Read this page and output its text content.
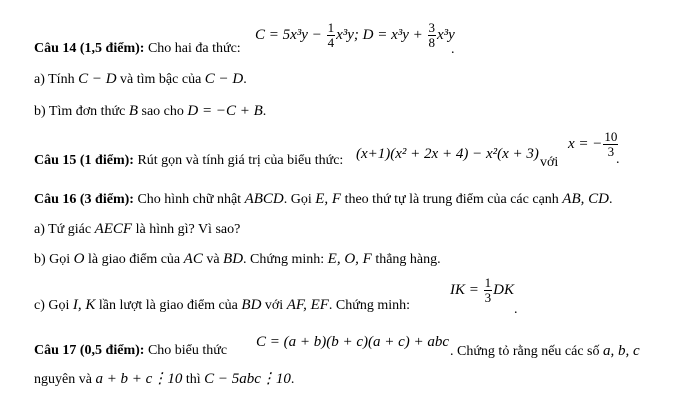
Câu 14 (1,5 điểm): Cho hai đa thức:
$C = 5x^3y - \frac{1}{4} x^3y$; $D = x^3y + \frac{3}{8} x^3y$
.
a) Tính C − D và tìm bậc của C − D.
b) Tìm đơn thức B sao cho D = −C + B.
Câu 15 (1 điểm): Rút gọn và tính giá trị của biểu thức: (x+1)(x² + 2x + 4) − x²(x + 3)
với
x = − $\frac{10}{3}$
.
Câu 16 (3 điểm): Cho hình chữ nhật ABCD. Gọi E, F theo thứ tự là trung điểm của các cạnh AB, CD.
a) Tứ giác AECF là hình gì? Vì sao?
b) Gọi O là giao điểm của AC và BD. Chứng minh: E, O, F thẳng hàng.
c) Gọi I, K lần lượt là giao điểm của BD với AF, EF. Chứng minh:
IK = $\frac{1}{3}$ DK
.
Câu 17 (0,5 điểm): Cho biểu thức
C = (a + b)(b + c)(a + c) + abc
. Chứng tỏ rằng nếu các số a, b, c
nguyên và a + b + c⋮10 thì C − 5abc⋮10.
